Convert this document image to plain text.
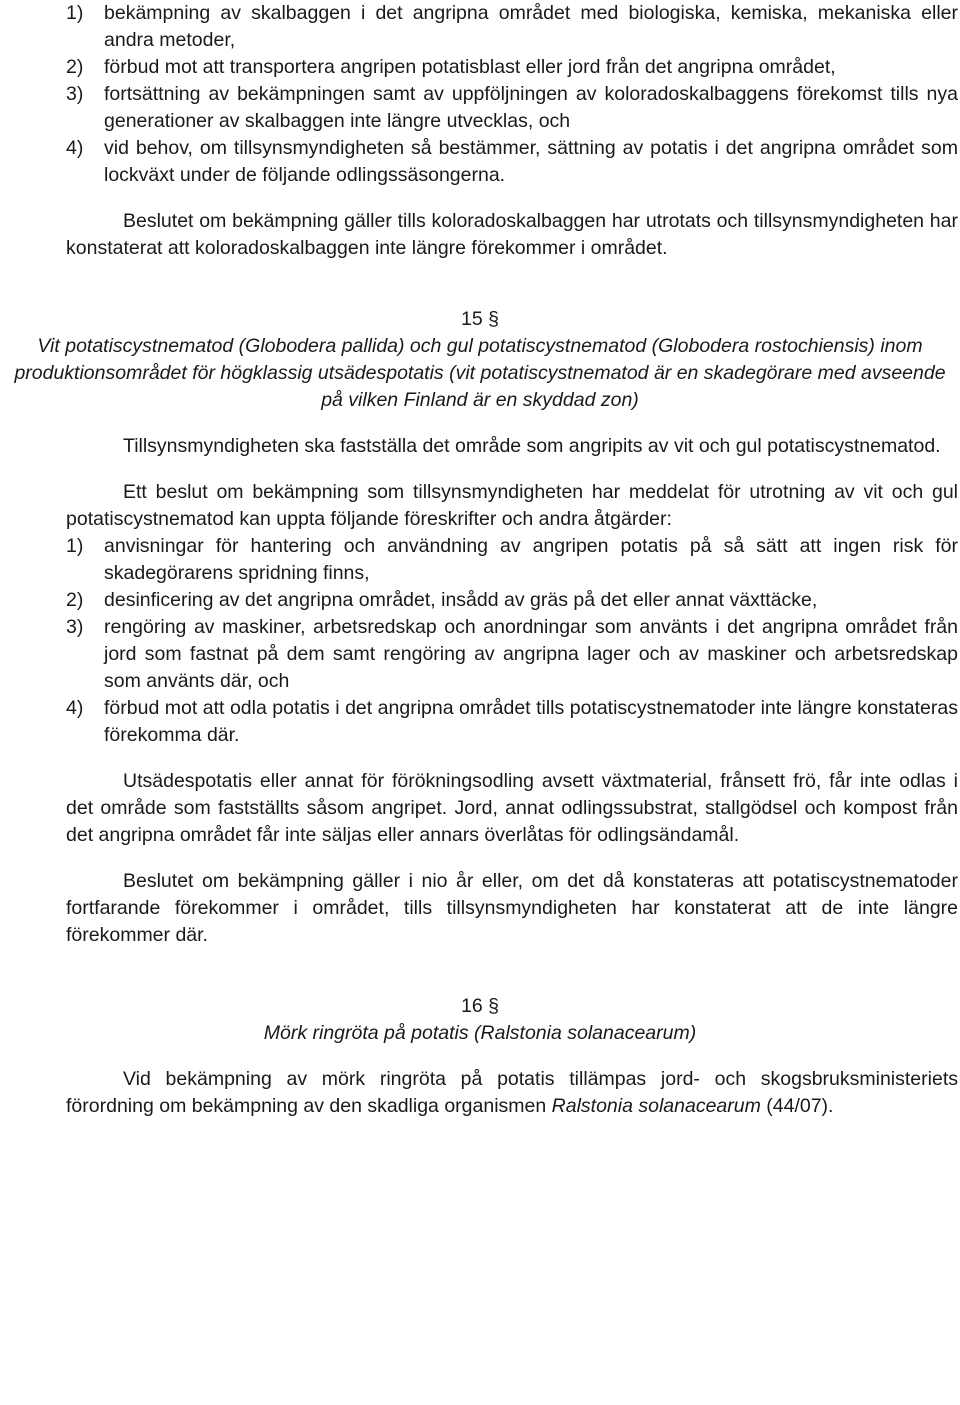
1) bekämpning av skalbaggen i det angripna området med biologiska, kemiska, mekaniska eller andra metoder,
2) förbud mot att transportera angripen potatisblast eller jord från det angripna området,
3) fortsättning av bekämpningen samt av uppföljningen av koloradoskalbaggens förekomst tills nya generationer av skalbaggen inte längre utvecklas, och
4) vid behov, om tillsynsmyndigheten så bestämmer, sättning av potatis i det angripna området som lockväxt under de följande odlingssäsongerna.

Beslutet om bekämpning gäller tills koloradoskalbaggen har utrotats och tillsynsmyndigheten har konstaterat att koloradoskalbaggen inte längre förekommer i området.

15 §
Vit potatiscystnematod (Globodera pallida) och gul potatiscystnematod (Globodera rostochiensis) inom produktionsområdet för högklassig utsädespotatis (vit potatiscystnematod är en skadegörare med avseende på vilken Finland är en skyddad zon)

Tillsynsmyndigheten ska fastställa det område som angripits av vit och gul potatiscystnematod.

Ett beslut om bekämpning som tillsynsmyndigheten har meddelat för utrotning av vit och gul potatiscystnematod kan uppta följande föreskrifter och andra åtgärder:

1) anvisningar för hantering och användning av angripen potatis på så sätt att ingen risk för skadegörarens spridning finns,
2) desinficering av det angripna området, insådd av gräs på det eller annat växttäcke,
3) rengöring av maskiner, arbetsredskap och anordningar som använts i det angripna området från jord som fastnat på dem samt rengöring av angripna lager och av maskiner och arbetsredskap som använts där, och
4) förbud mot att odla potatis i det angripna området tills potatiscystnematoder inte längre konstateras förekomma där.

Utsädespotatis eller annat för förökningsodling avsett växtmaterial, frånsett frö, får inte odlas i det område som fastställts såsom angripet. Jord, annat odlingssubstrat, stallgödsel och kompost från det angripna området får inte säljas eller annars överlåtas för odlingsändamål.

Beslutet om bekämpning gäller i nio år eller, om det då konstateras att potatiscystnematoder fortfarande förekommer i området, tills tillsynsmyndigheten har konstaterat att de inte längre förekommer där.

16 §
Mörk ringröta på potatis (Ralstonia solanacearum)

Vid bekämpning av mörk ringröta på potatis tillämpas jord- och skogsbruksministeriets förordning om bekämpning av den skadliga organismen Ralstonia solanacearum (44/07).
